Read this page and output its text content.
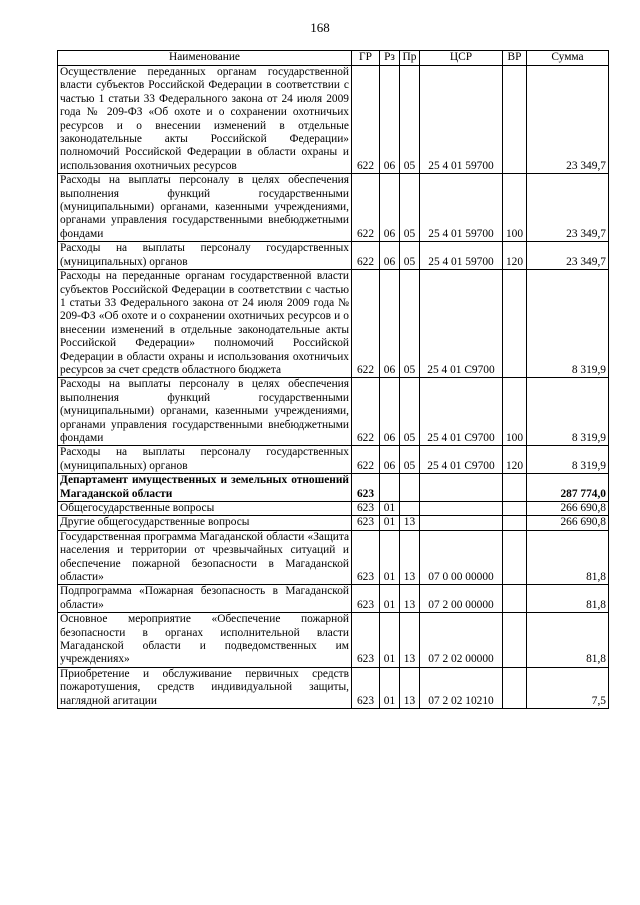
168
Наименование	ГР	Рз	Пр	ЦСР	ВР	Сумма
Осуществление переданных органам государственной власти субъектов Российской Федерации в соответствии с частью 1 статьи 33 Федерального закона от 24 июля 2009 года № 209-ФЗ «Об охоте и о сохранении охотничьих ресурсов и о внесении изменений в отдельные законодательные акты Российской Федерации» полномочий Российской Федерации в области охраны и использования охотничьих ресурсов	622	06	05	25 4 01 59700		23 349,7
Расходы на выплаты персоналу в целях обеспечения выполнения функций государственными (муниципальными) органами, казенными учреждениями, органами управления государственными внебюджетными фондами	622	06	05	25 4 01 59700	100	23 349,7
Расходы на выплаты персоналу государственных (муниципальных) органов	622	06	05	25 4 01 59700	120	23 349,7
Расходы на переданные органам государственной власти субъектов Российской Федерации в соответствии с частью 1 статьи 33 Федерального закона от 24 июля 2009 года № 209-ФЗ «Об охоте и о сохранении охотничьих ресурсов и о внесении изменений в отдельные законодательные акты Российской Федерации» полномочий Российской Федерации в области охраны и использования охотничьих ресурсов за счет средств областного бюджета	622	06	05	25 4 01 C9700		8 319,9
Расходы на выплаты персоналу в целях обеспечения выполнения функций государственными (муниципальными) органами, казенными учреждениями, органами управления государственными внебюджетными фондами	622	06	05	25 4 01 C9700	100	8 319,9
Расходы на выплаты персоналу государственных (муниципальных) органов	622	06	05	25 4 01 C9700	120	8 319,9
Департамент имущественных и земельных отношений Магаданской области	623					287 774,0
Общегосударственные вопросы	623	01				266 690,8
Другие общегосударственные вопросы	623	01	13			266 690,8
Государственная программа Магаданской области «Защита населения и территории от чрезвычайных ситуаций и обеспечение пожарной безопасности в Магаданской области»	623	01	13	07 0 00 00000		81,8
Подпрограмма «Пожарная безопасность в Магаданской области»	623	01	13	07 2 00 00000		81,8
Основное мероприятие «Обеспечение пожарной безопасности в органах исполнительной власти Магаданской области и подведомственных им учреждениях»	623	01	13	07 2 02 00000		81,8
Приобретение и обслуживание первичных средств пожаротушения, средств индивидуальной защиты, наглядной агитации	623	01	13	07 2 02 10210		7,5
